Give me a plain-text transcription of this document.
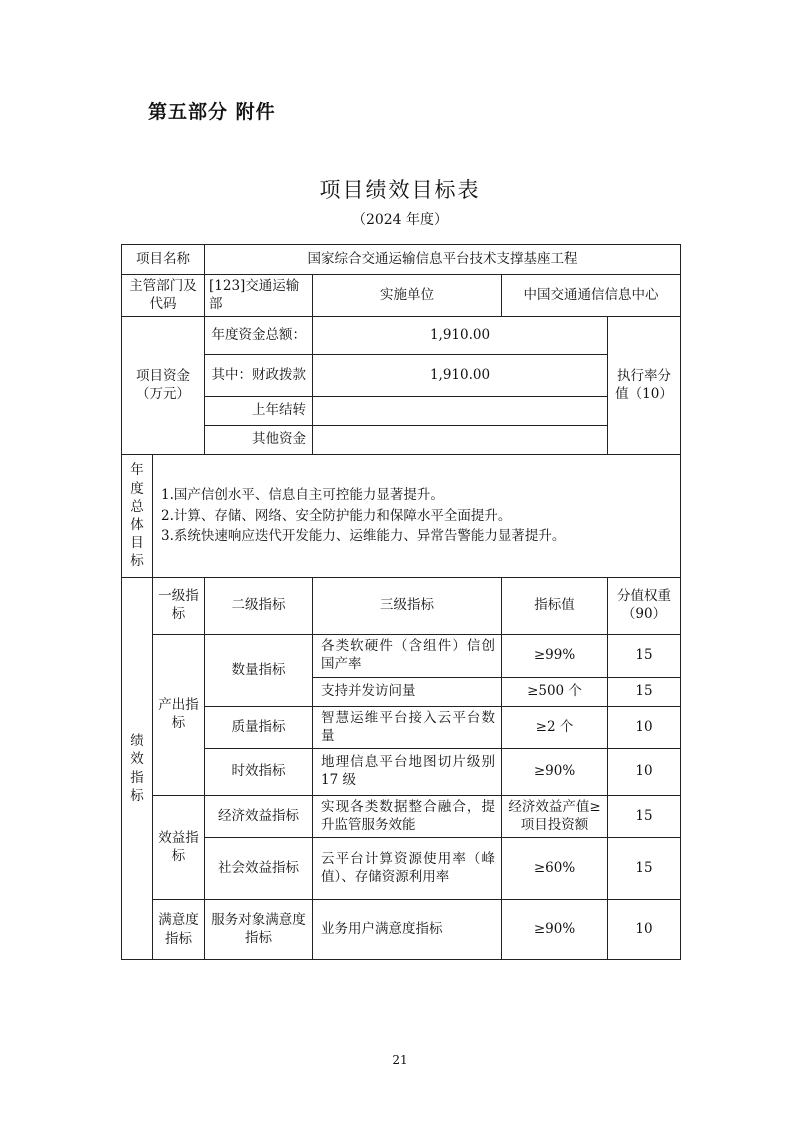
第五部分 附件
项目绩效目标表
（2024 年度）
项目名称		国家综合交通运输信息平台技术支撑基座工程			
主管部门及代码		[123]交通运输部	实施单位	中国交通通信信息中心	
项目资金（万元）		年度资金总额：	1,910.00		执行率分值（10）
		其中：财政拨款	1,910.00		
		上年结转			
		其他资金			
年度总体目标	1.国产信创水平、信息自主可控能力显著提升。
2.计算、存储、网络、安全防护能力和保障水平全面提升。
3.系统快速响应迭代开发能力、运维能力、异常告警能力显著提升。				

绩效指标	一级指标	二级指标	三级指标	指标值	分值权重（90）
	产出指标	数量指标	各类软硬件（含组件）信创国产率	≥99%	15
			支持并发访问量	≥500 个	15
		质量指标	智慧运维平台接入云平台数量	≥2 个	10
		时效指标	地理信息平台地图切片级别 17 级	≥90%	10
	效益指标	经济效益指标	实现各类数据整合融合，提升监管服务效能	经济效益产值≥项目投资额	15
		社会效益指标	云平台计算资源使用率（峰值）、存储资源利用率	≥60%	15
	满意度指标	服务对象满意度指标	业务用户满意度指标	≥90%	10
21
